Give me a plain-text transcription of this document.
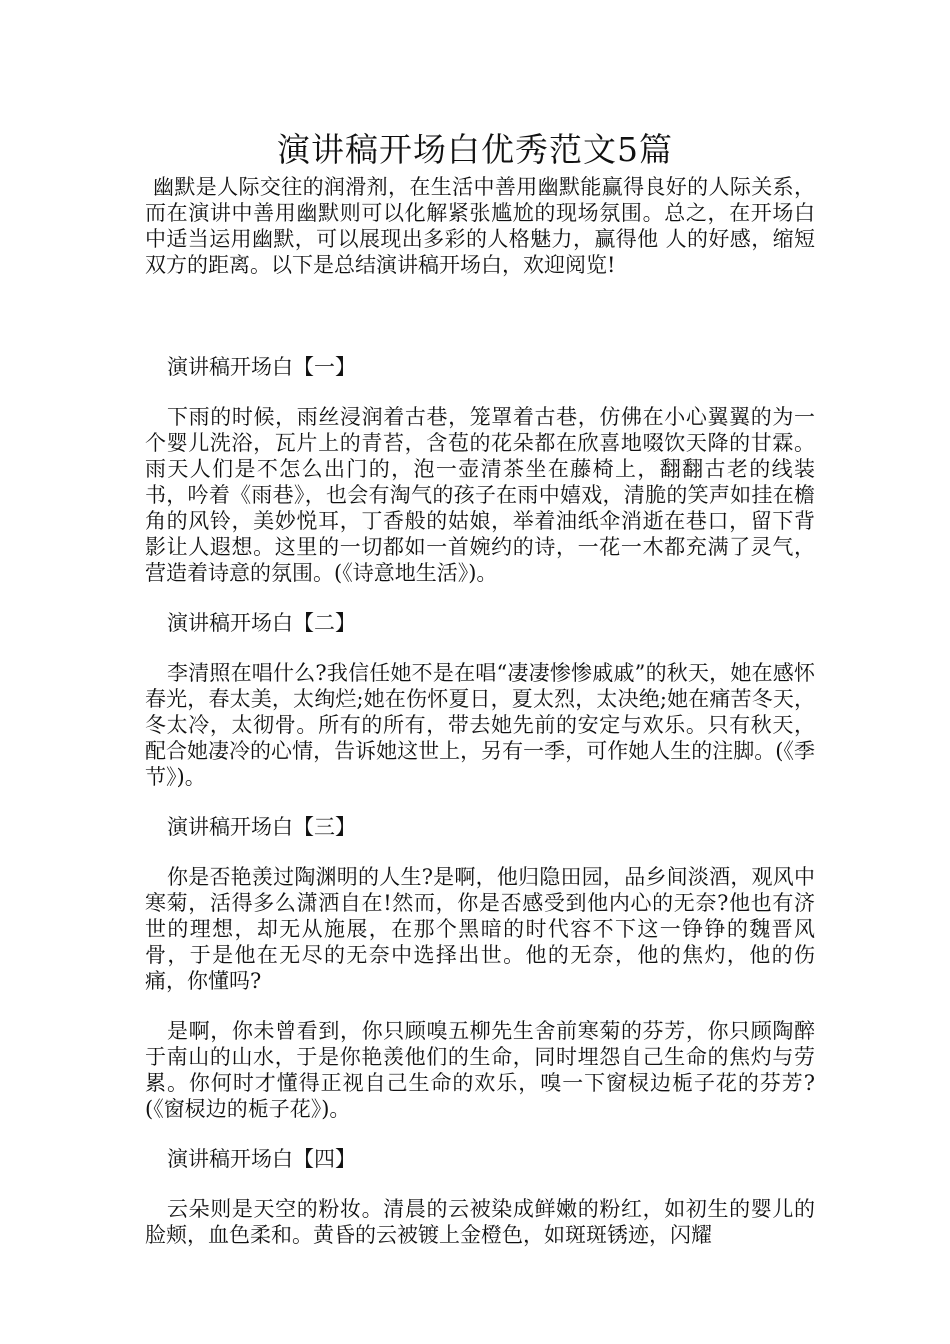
演讲稿开场白优秀范文5篇

幽默是人际交往的润滑剂，在生活中善用幽默能赢得良好的人际关系，而在演讲中善用幽默则可以化解紧张尴尬的现场氛围。总之，在开场白中适当运用幽默，可以展现出多彩的人格魅力，赢得他 人的好感，缩短双方的距离。以下是总结演讲稿开场白，欢迎阅览!

演讲稿开场白【一】

下雨的时候，雨丝浸润着古巷，笼罩着古巷，仿佛在小心翼翼的为一个婴儿洗浴，瓦片上的青苔，含苞的花朵都在欣喜地啜饮天降的甘霖。雨天人们是不怎么出门的，泡一壶清茶坐在藤椅上，翻翻古老的线装书，吟着《雨巷》，也会有淘气的孩子在雨中嬉戏，清脆的笑声如挂在檐角的风铃，美妙悦耳，丁香般的姑娘，举着油纸伞消逝在巷口，留下背影让人遐想。这里的一切都如一首婉约的诗，一花一木都充满了灵气，营造着诗意的氛围。(《诗意地生活》)。

演讲稿开场白【二】

李清照在唱什么?我信任她不是在唱“凄凄惨惨戚戚”的秋天，她在感怀春光，春太美，太绚烂;她在伤怀夏日，夏太烈，太决绝;她在痛苦冬天，冬太冷，太彻骨。所有的所有，带去她先前的安定与欢乐。只有秋天，配合她凄冷的心情，告诉她这世上，另有一季，可作她人生的注脚。(《季节》)。

演讲稿开场白【三】

你是否艳羡过陶渊明的人生?是啊，他归隐田园，品乡间淡酒，观风中寒菊，活得多么潇洒自在!然而，你是否感受到他内心的无奈?他也有济世的理想，却无从施展，在那个黑暗的时代容不下这一铮铮的魏晋风骨，于是他在无尽的无奈中选择出世。他的无奈，他的焦灼，他的伤痛，你懂吗?

是啊，你未曾看到，你只顾嗅五柳先生舍前寒菊的芬芳，你只顾陶醉于南山的山水，于是你艳羡他们的生命，同时埋怨自己生命的焦灼与劳累。你何时才懂得正视自己生命的欢乐，嗅一下窗棂边栀子花的芬芳?(《窗棂边的栀子花》)。

演讲稿开场白【四】

云朵则是天空的粉妆。清晨的云被染成鲜嫩的粉红，如初生的婴儿的脸颊，血色柔和。黄昏的云被镀上金橙色，如斑斑锈迹，闪耀
